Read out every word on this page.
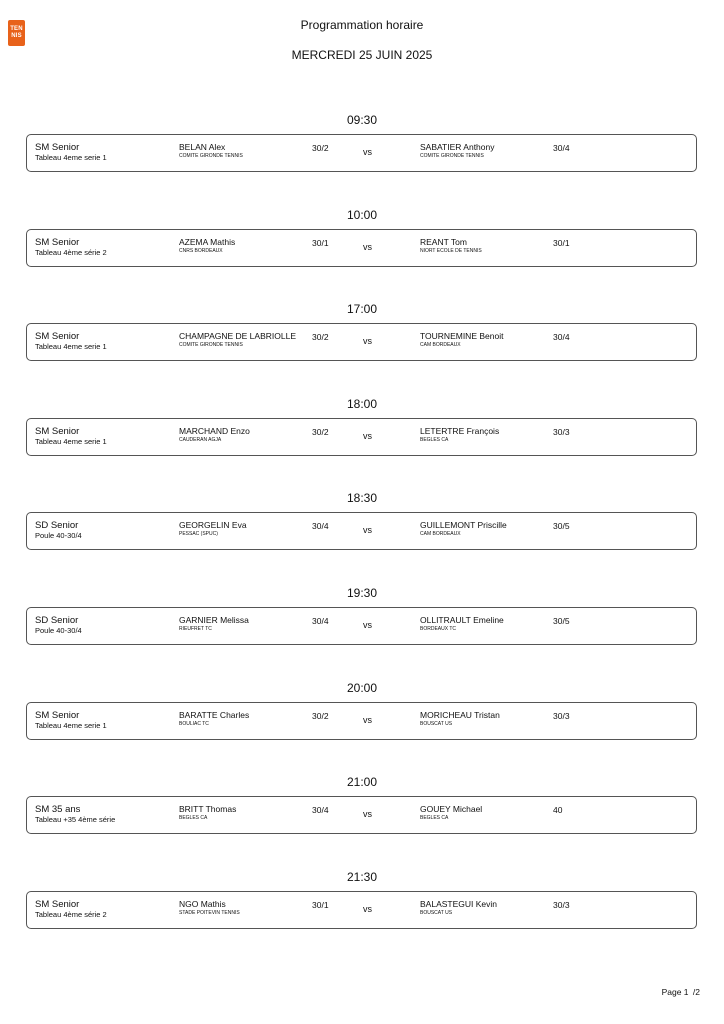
TEN
NIS
Programmation horaire
MERCREDI 25 JUIN 2025
09:30
SM Senior
Tableau 4eme serie 1
BELAN Alex
COMITE GIRONDE TENNIS
30/2	vs	SABATIER Anthony
COMITE GIRONDE TENNIS
30/4
10:00
SM Senior
Tableau 4ème série 2
AZEMA Mathis
CNRS BORDEAUX
30/1	vs	REANT Tom
NIORT ECOLE DE TENNIS
30/1
17:00
SM Senior
Tableau 4eme serie 1
CHAMPAGNE DE LABRIOLLE
COMITE GIRONDE TENNIS
30/2	vs	TOURNEMINE Benoit
CAM BORDEAUX
30/4
18:00
SM Senior
Tableau 4eme serie 1
MARCHAND Enzo
CAUDERAN AGJA
30/2	vs	LETERTRE François
BEGLES CA
30/3
18:30
SD Senior
Poule 40-30/4
GEORGELIN Eva
PESSAC (SPUC)
30/4	vs	GUILLEMONT Priscille
CAM BORDEAUX
30/5
19:30
SD Senior
Poule 40-30/4
GARNIER Melissa
RIEUFRET TC
30/4	vs	OLLITRAULT Emeline
BORDEAUX TC
30/5
20:00
SM Senior
Tableau 4eme serie 1
BARATTE Charles
BOULIAC TC
30/2	vs	MORICHEAU Tristan
BOUSCAT US
30/3
21:00
SM 35 ans
Tableau +35 4ème série
BRITT Thomas
BEGLES CA
30/4	vs	GOUEY Michael
BEGLES CA
40
21:30
SM Senior
Tableau 4ème série 2
NGO Mathis
STADE POITEVIN TENNIS
30/1	vs	BALASTEGUI Kevin
BOUSCAT US
30/3
Page 1 /2
